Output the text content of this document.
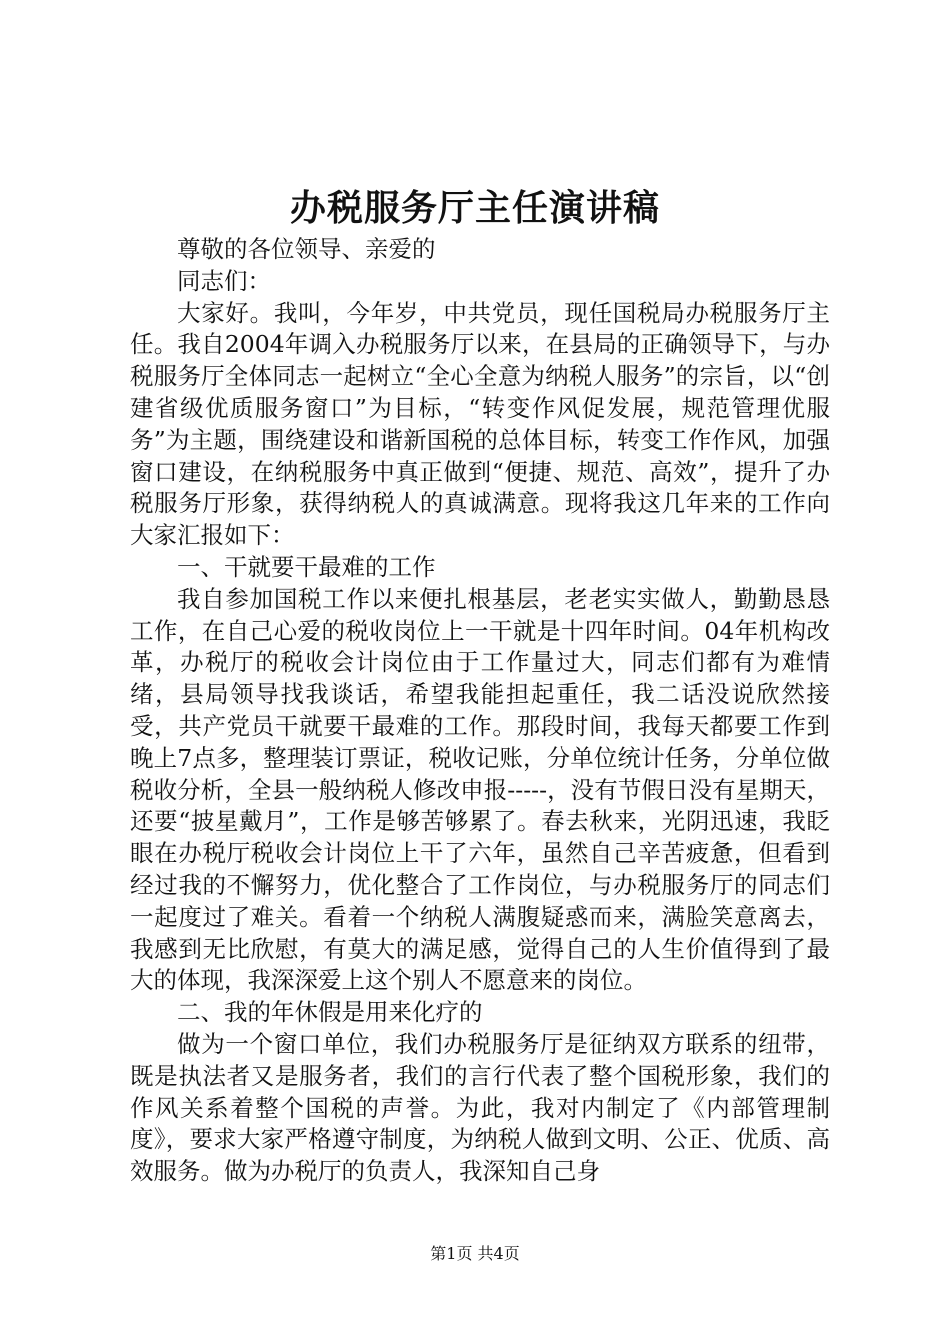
办税服务厅主任演讲稿

尊敬的各位领导、亲爱的

同志们：

大家好。我叫，今年岁，中共党员，现任国税局办税服务厅主任。我自2004年调入办税服务厅以来，在县局的正确领导下，与办税服务厅全体同志一起树立“全心全意为纳税人服务”的宗旨，以“创建省级优质服务窗口”为目标，“转变作风促发展，规范管理优服务”为主题，围绕建设和谐新国税的总体目标，转变工作作风，加强窗口建设，在纳税服务中真正做到“便捷、规范、高效”，提升了办税服务厅形象，获得纳税人的真诚满意。现将我这几年来的工作向大家汇报如下：

一、干就要干最难的工作

我自参加国税工作以来便扎根基层，老老实实做人，勤勤恳恳工作，在自己心爱的税收岗位上一干就是十四年时间。04年机构改革，办税厅的税收会计岗位由于工作量过大，同志们都有为难情绪，县局领导找我谈话，希望我能担起重任，我二话没说欣然接受，共产党员干就要干最难的工作。那段时间，我每天都要工作到晚上7点多，整理装订票证，税收记账，分单位统计任务，分单位做税收分析，全县一般纳税人修改申报-----，没有节假日没有星期天，还要“披星戴月”，工作是够苦够累了。春去秋来，光阴迅速，我眨眼在办税厅税收会计岗位上干了六年，虽然自己辛苦疲惫，但看到经过我的不懈努力，优化整合了工作岗位，与办税服务厅的同志们一起度过了难关。看着一个纳税人满腹疑惑而来，满脸笑意离去，我感到无比欣慰，有莫大的满足感，觉得自己的人生价值得到了最大的体现，我深深爱上这个别人不愿意来的岗位。

二、我的年休假是用来化疗的

做为一个窗口单位，我们办税服务厅是征纳双方联系的纽带，既是执法者又是服务者，我们的言行代表了整个国税形象，我们的作风关系着整个国税的声誉。为此，我对内制定了《内部管理制度》，要求大家严格遵守制度，为纳税人做到文明、公正、优质、高效服务。做为办税厅的负责人，我深知自己身

第1页 共4页
